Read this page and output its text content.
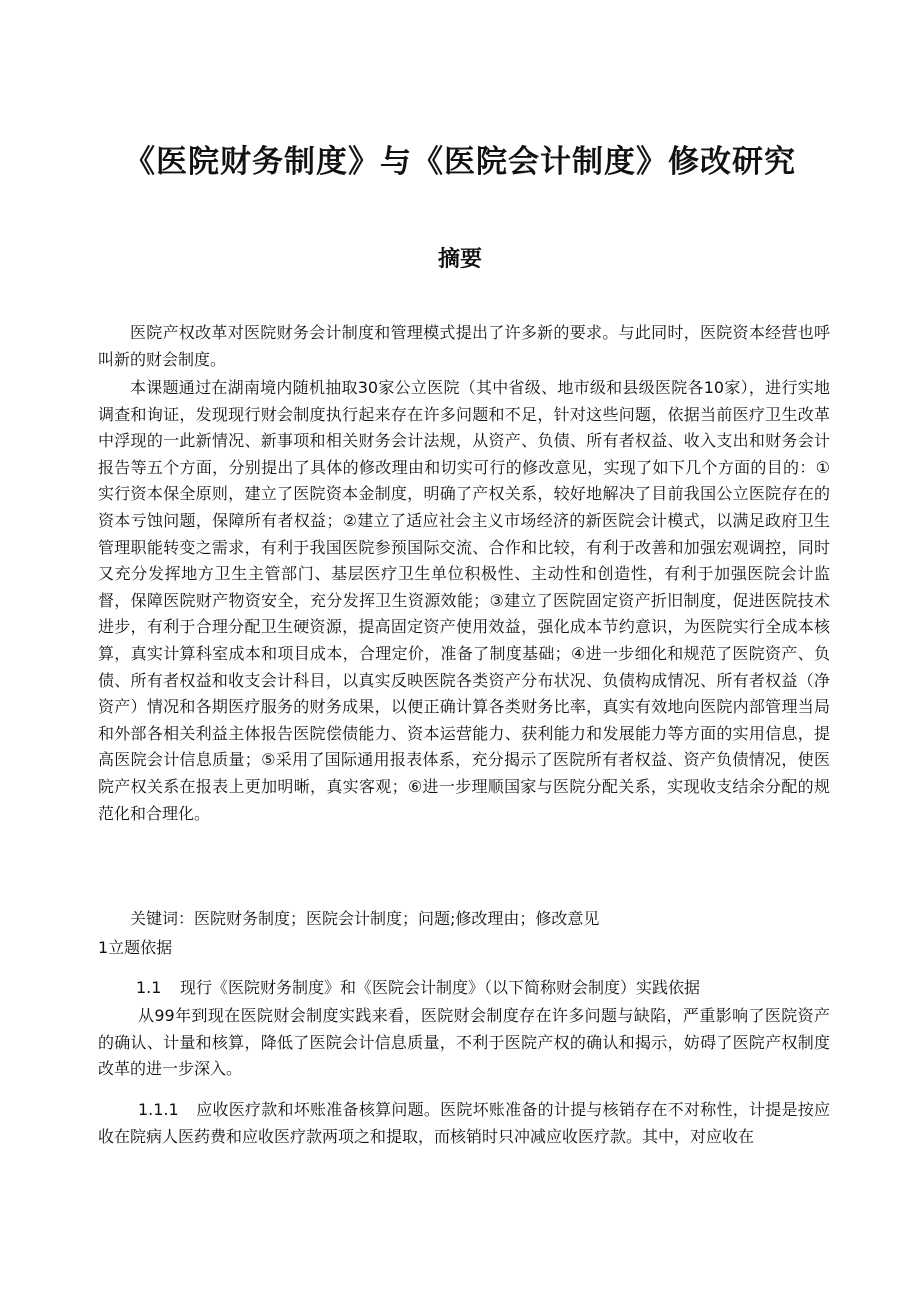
《医院财务制度》与《医院会计制度》修改研究
摘要

医院产权改革对医院财务会计制度和管理模式提出了许多新的要求。与此同时，医院资本经营也呼叫新的财会制度。

本课题通过在湖南境内随机抽取30家公立医院（其中省级、地市级和县级医院各10家），进行实地调查和询证，发现现行财会制度执行起来存在许多问题和不足，针对这些问题，依据当前医疗卫生改革中浮现的一此新情况、新事项和相关财务会计法规，从资产、负债、所有者权益、收入支出和财务会计报告等五个方面，分别提出了具体的修改理由和切实可行的修改意见，实现了如下几个方面的目的：①实行资本保全原则，建立了医院资本金制度，明确了产权关系，较好地解决了目前我国公立医院存在的资本亏蚀问题，保障所有者权益；②建立了适应社会主义市场经济的新医院会计模式，以满足政府卫生管理职能转变之需求，有利于我国医院参预国际交流、合作和比较，有利于改善和加强宏观调控，同时又充分发挥地方卫生主管部门、基层医疗卫生单位积极性、主动性和创造性，有利于加强医院会计监督，保障医院财产物资安全，充分发挥卫生资源效能；③建立了医院固定资产折旧制度，促进医院技术进步，有利于合理分配卫生硬资源，提高固定资产使用效益，强化成本节约意识，为医院实行全成本核算，真实计算科室成本和项目成本，合理定价，准备了制度基础；④进一步细化和规范了医院资产、负债、所有者权益和收支会计科目，以真实反映医院各类资产分布状况、负债构成情况、所有者权益（净资产）情况和各期医疗服务的财务成果，以便正确计算各类财务比率，真实有效地向医院内部管理当局和外部各相关利益主体报告医院偿债能力、资本运营能力、获利能力和发展能力等方面的实用信息，提高医院会计信息质量；⑤采用了国际通用报表体系，充分揭示了医院所有者权益、资产负债情况，使医院产权关系在报表上更加明晰，真实客观；⑥进一步理顺国家与医院分配关系，实现收支结余分配的规范化和合理化。

关键词：医院财务制度；医院会计制度；问题;修改理由；修改意见
1立题依据
1.1 现行《医院财务制度》和《医院会计制度》（以下简称财会制度）实践依据

从99年到现在医院财会制度实践来看，医院财会制度存在许多问题与缺陷，严重影响了医院资产的确认、计量和核算，降低了医院会计信息质量，不利于医院产权的确认和揭示，妨碍了医院产权制度改革的进一步深入。

1.1.1 应收医疗款和坏账准备核算问题。医院坏账准备的计提与核销存在不对称性，计提是按应收在院病人医药费和应收医疗款两项之和提取，而核销时只冲减应收医疗款。其中，对应收在
